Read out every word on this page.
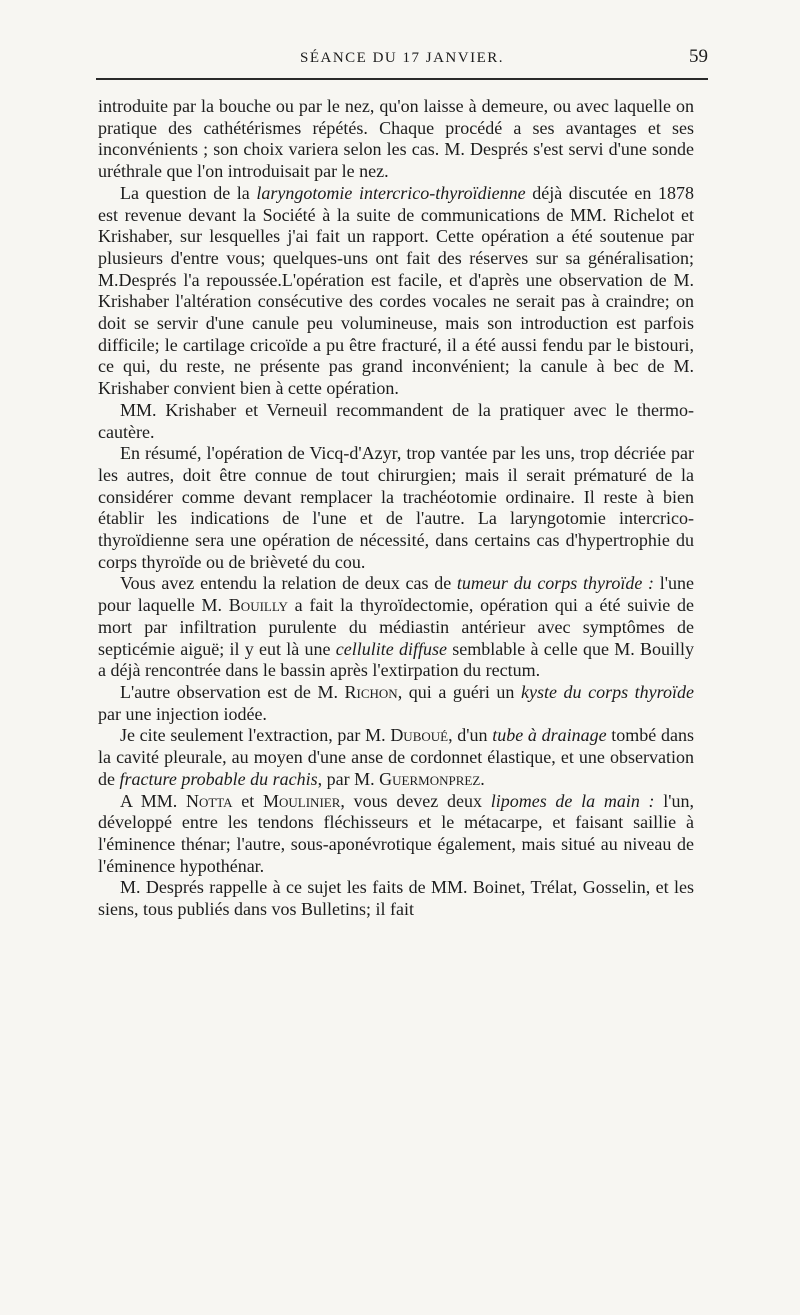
SÉANCE DU 17 JANVIER.	59

introduite par la bouche ou par le nez, qu'on laisse à demeure, ou avec laquelle on pratique des cathétérismes répétés. Chaque procédé a ses avantages et ses inconvénients ; son choix variera selon les cas. M. Després s'est servi d'une sonde uréthrale que l'on introduisait par le nez.

La question de la laryngotomie intercrico-thyroïdienne déjà discutée en 1878 est revenue devant la Société à la suite de communications de MM. Richelot et Krishaber, sur lesquelles j'ai fait un rapport. Cette opération a été soutenue par plusieurs d'entre vous; quelques-uns ont fait des réserves sur sa généralisation; M.Després l'a repoussée.L'opération est facile, et d'après une observation de M. Krishaber l'altération consécutive des cordes vocales ne serait pas à craindre; on doit se servir d'une canule peu volumineuse, mais son introduction est parfois difficile; le cartilage cricoïde a pu être fracturé, il a été aussi fendu par le bistouri, ce qui, du reste, ne présente pas grand inconvénient; la canule à bec de M. Krishaber convient bien à cette opération.

MM. Krishaber et Verneuil recommandent de la pratiquer avec le thermo-cautère.

En résumé, l'opération de Vicq-d'Azyr, trop vantée par les uns, trop décriée par les autres, doit être connue de tout chirurgien; mais il serait prématuré de la considérer comme devant remplacer la trachéotomie ordinaire. Il reste à bien établir les indications de l'une et de l'autre. La laryngotomie intercrico-thyroïdienne sera une opération de nécessité, dans certains cas d'hypertrophie du corps thyroïde ou de brièveté du cou.

Vous avez entendu la relation de deux cas de tumeur du corps thyroïde : l'une pour laquelle M. Bouilly a fait la thyroïdectomie, opération qui a été suivie de mort par infiltration purulente du médiastin antérieur avec symptômes de septicémie aiguë; il y eut là une cellulite diffuse semblable à celle que M. Bouilly a déjà rencontrée dans le bassin après l'extirpation du rectum.

L'autre observation est de M. Richon, qui a guéri un kyste du corps thyroïde par une injection iodée.

Je cite seulement l'extraction, par M. Duboué, d'un tube à drainage tombé dans la cavité pleurale, au moyen d'une anse de cordonnet élastique, et une observation de fracture probable du rachis, par M. Guermonprez.

A MM. Notta et Moulinier, vous devez deux lipomes de la main : l'un, développé entre les tendons fléchisseurs et le métacarpe, et faisant saillie à l'éminence thénar; l'autre, sous-aponévrotique également, mais situé au niveau de l'éminence hypothénar.

M. Després rappelle à ce sujet les faits de MM. Boinet, Trélat, Gosselin, et les siens, tous publiés dans vos Bulletins; il fait
